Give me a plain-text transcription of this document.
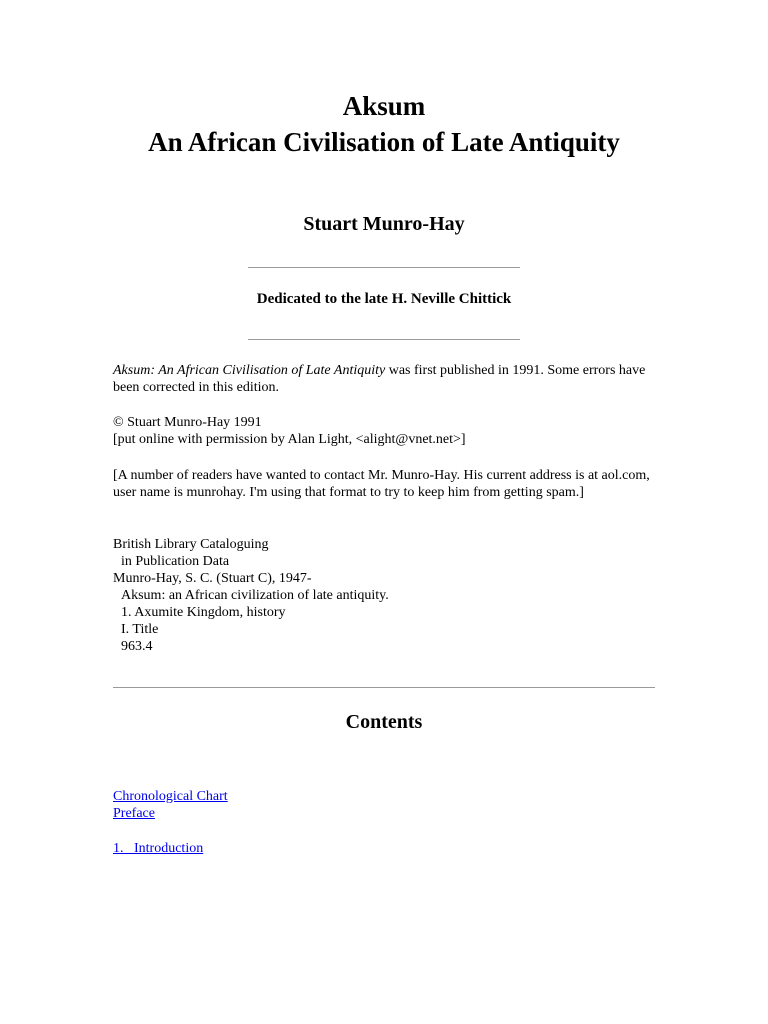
Aksum
An African Civilisation of Late Antiquity
Stuart Munro-Hay
Dedicated to the late H. Neville Chittick

Aksum: An African Civilisation of Late Antiquity was first published in 1991. Some errors have been corrected in this edition.

© Stuart Munro-Hay 1991

[put online with permission by Alan Light, <alight@vnet.net>]

[A number of readers have wanted to contact Mr. Munro-Hay. His current address is at aol.com, user name is munrohay. I'm using that format to try to keep him from getting spam.]

British Library Cataloguing

in Publication Data

Munro-Hay, S. C. (Stuart C), 1947-

Aksum: an African civilization of late antiquity.

1. Axumite Kingdom, history

I. Title

963.4

Contents
Chronological Chart
Preface
1.   Introduction
